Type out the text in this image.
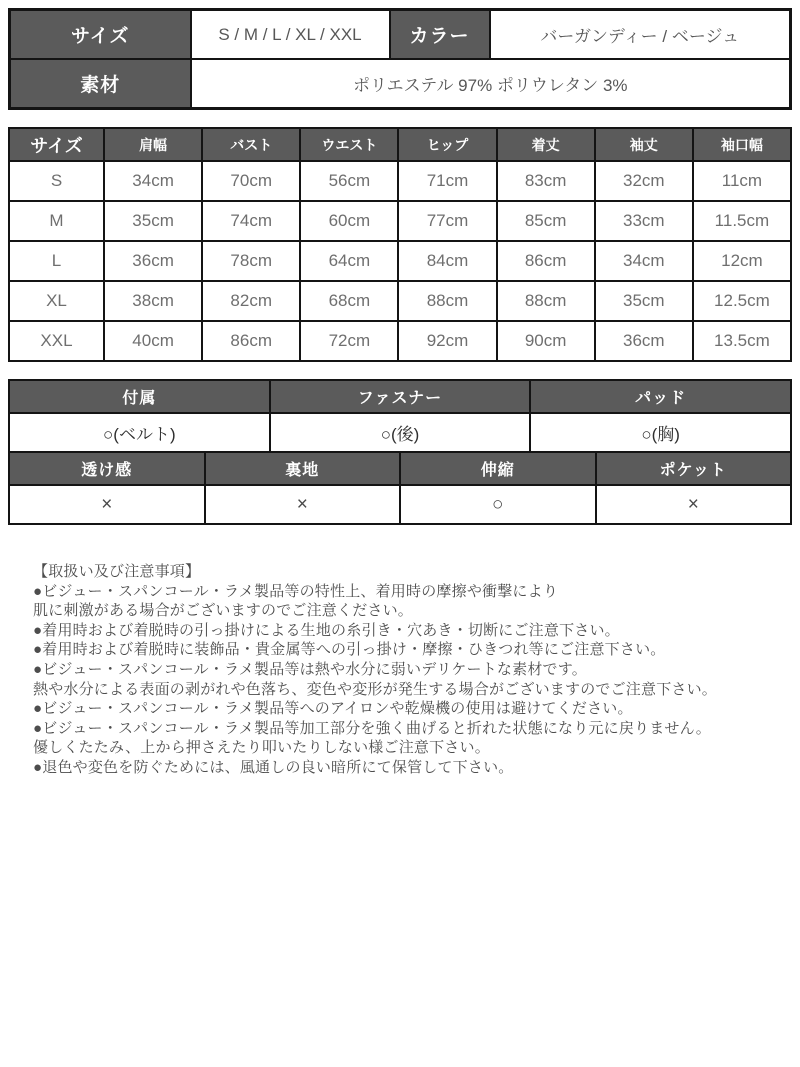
サイズ	S / M / L / XL / XXL	カラー	バーガンディー / ベージュ
素材	ポリエステル 97% ポリウレタン 3%		
サイズ	肩幅	バスト	ウエスト	ヒップ	着丈	袖丈	袖口幅
S	34cm	70cm	56cm	71cm	83cm	32cm	11cm
M	35cm	74cm	60cm	77cm	85cm	33cm	11.5cm
L	36cm	78cm	64cm	84cm	86cm	34cm	12cm
XL	38cm	82cm	68cm	88cm	88cm	35cm	12.5cm
XXL	40cm	86cm	72cm	92cm	90cm	36cm	13.5cm
付属	ファスナー	パッド
○(ベルト)	○(後)	○(胸)
透け感	裏地	伸縮	ポケット
×	×	○	×
【取扱い及び注意事項】
●ビジュー・スパンコール・ラメ製品等の特性上、着用時の摩擦や衝撃により
肌に刺激がある場合がございますのでご注意ください。
●着用時および着脱時の引っ掛けによる生地の糸引き・穴あき・切断にご注意下さい。
●着用時および着脱時に装飾品・貴金属等への引っ掛け・摩擦・ひきつれ等にご注意下さい。
●ビジュー・スパンコール・ラメ製品等は熱や水分に弱いデリケートな素材です。
熱や水分による表面の剥がれや色落ち、変色や変形が発生する場合がございますのでご注意下さい。
●ビジュー・スパンコール・ラメ製品等へのアイロンや乾燥機の使用は避けてください。
●ビジュー・スパンコール・ラメ製品等加工部分を強く曲げると折れた状態になり元に戻りません。
優しくたたみ、上から押さえたり叩いたりしない様ご注意下さい。
●退色や変色を防ぐためには、風通しの良い暗所にて保管して下さい。
